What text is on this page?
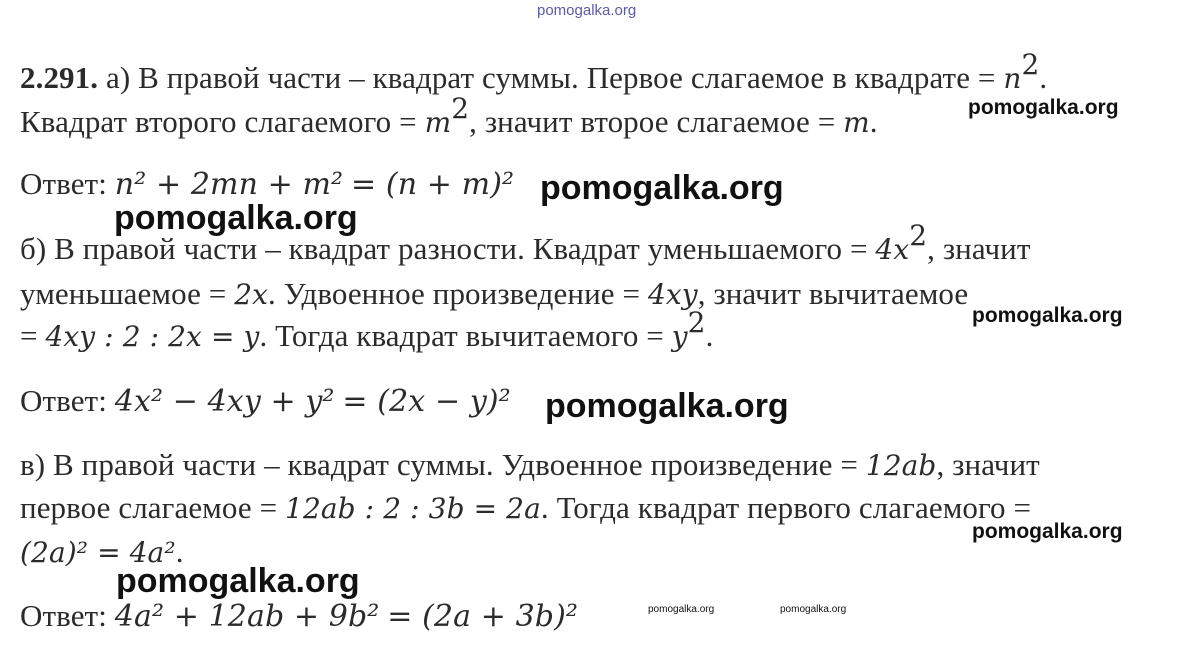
pomogalka.org
pomogalka.org
pomogalka.org
pomogalka.org
pomogalka.org
pomogalka.org
pomogalka.org
pomogalka.org
pomogalka.org	pomogalka.org
2.291. а) В правой части – квадрат суммы. Первое слагаемое в квадрате = $n^2$.
Квадрат второго слагаемого = $m^2$, значит второе слагаемое = m.
Ответ: n² + 2mn + m² = (n + m)²
б) В правой части – квадрат разности. Квадрат уменьшаемого = $4x^2$, значит
уменьшаемое = 2x. Удвоенное произведение = 4xy, значит вычитаемое
= 4xy : 2 : 2x = y. Тогда квадрат вычитаемого = $y^2$.
Ответ: 4x² − 4xy + y² = (2x − y)²
в) В правой части – квадрат суммы. Удвоенное произведение = 12ab, значит
первое слагаемое = 12ab : 2 : 3b = 2a. Тогда квадрат первого слагаемого =
(2a)² = 4a².
Ответ: 4a² + 12ab + 9b² = (2a + 3b)²
